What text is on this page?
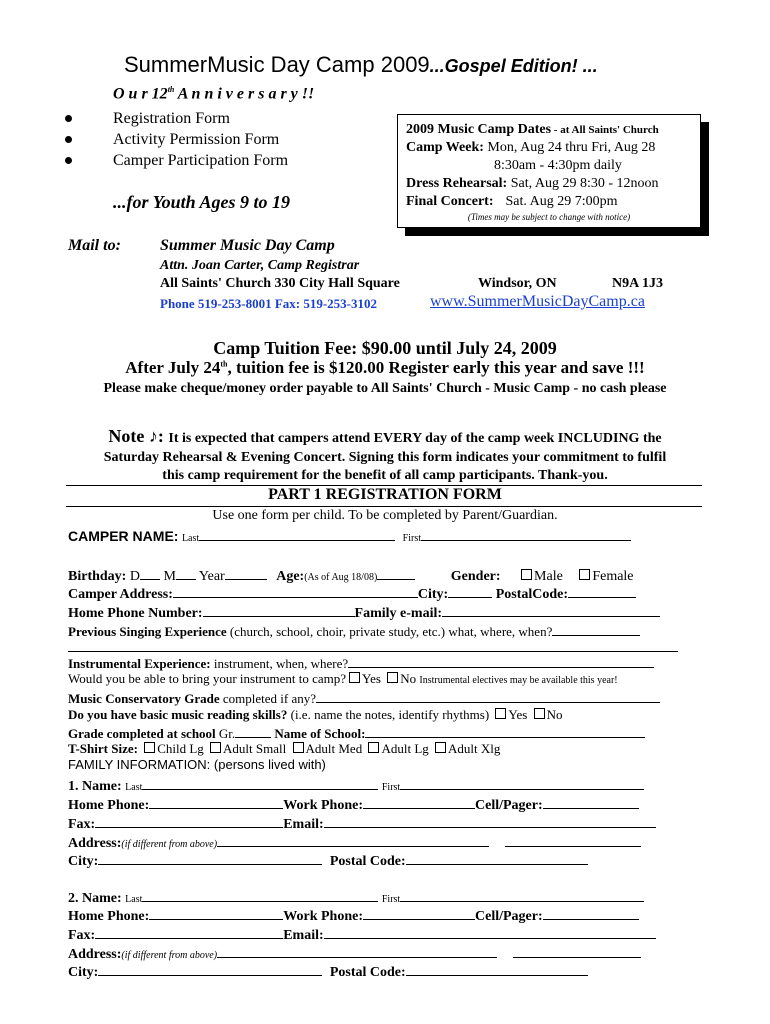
SummerMusic Day Camp 2009...Gospel Edition! ...
O u r 12th A n n i v e r s a r y !!
Registration Form
Activity Permission Form
Camper Participation Form
...for Youth Ages 9 to 19
2009 Music Camp Dates - at All Saints' Church
Camp Week: Mon, Aug 24 thru Fri, Aug 28
8:30am - 4:30pm daily
Dress Rehearsal: Sat, Aug 29 8:30 - 12noon
Final Concert: Sat. Aug 29 7:00pm
(Times may be subject to change with notice)
Mail to: Summer Music Day Camp
Attn. Joan Carter, Camp Registrar
All Saints' Church 330 City Hall Square	Windsor, ON	N9A 1J3
Phone 519-253-8001 Fax: 519-253-3102	www.SummerMusicDayCamp.ca
Camp Tuition Fee: $90.00 until July 24, 2009
After July 24th, tuition fee is $120.00 Register early this year and save !!!
Please make cheque/money order payable to All Saints' Church - Music Camp - no cash please
Note ♪: It is expected that campers attend EVERY day of the camp week INCLUDING the
Saturday Rehearsal & Evening Concert. Signing this form indicates your commitment to fulfil
this camp requirement for the benefit of all camp participants. Thank-you.
PART 1 REGISTRATION FORM
Use one form per child. To be completed by Parent/Guardian.
CAMPER NAME: Last	First
Birthday: D M Year	Age:(As of Aug 18/08)	Gender: Male Female
Camper Address:	City:	PostalCode:
Home Phone Number:	Family e-mail:
Previous Singing Experience (church, school, choir, private study, etc.) what, where, when?
Instrumental Experience: instrument, when, where?
Would you be able to bring your instrument to camp? Yes No Instrumental electives may be available this year!
Music Conservatory Grade completed if any?
Do you have basic music reading skills? (i.e. name the notes, identify rhythms) Yes No
Grade completed at school Gr.	Name of School:
T-Shirt Size: Child Lg Adult Small Adult Med Adult Lg Adult Xlg
FAMILY INFORMATION: (persons lived with)
1. Name: Last	First
Home Phone:	Work Phone:	Cell/Pager:
Fax:	Email:
Address:(if different from above)
City:	Postal Code:
2. Name: Last	First
Home Phone:	Work Phone:	Cell/Pager:
Fax:	Email:
Address:(if different from above)
City:	Postal Code:
